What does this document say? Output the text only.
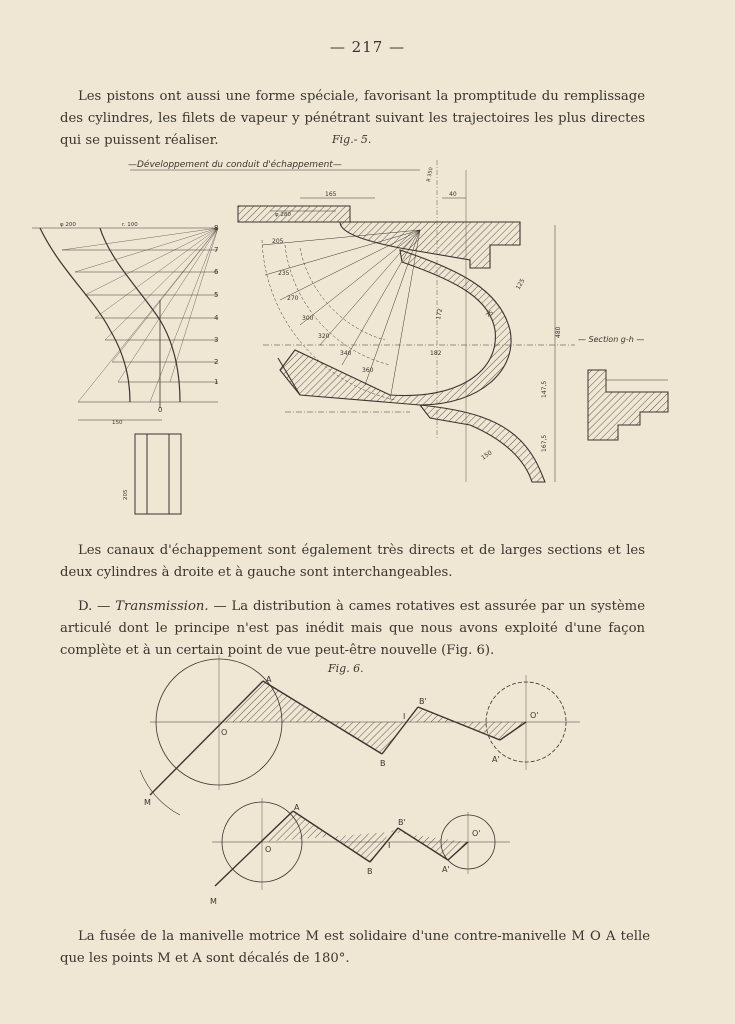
— 217 —

Les pistons ont aussi une forme spéciale, favorisant la promptitude du remplissage des cylindres, les filets de vapeur y pénétrant suivant les trajectoires les plus directes qui se puissent réaliser.	Fig.- 5.
—Développement du conduit d'échappement—
8
7
6
5
4
3
2
1
0
φ 200	r. 100
150
205
205
235
270
300
320
340
360
φ 280
165	40
R 350
172	75
182
125
480
147,5
167,5
150
— Section g-h —
A
O
M
B
B'
I
A'
O'
A
O
M
B
B'
I
A'
O'

Les canaux d'échappement sont également très directs et de larges sections et les deux cylindres à droite et à gauche sont interchangeables.

D. — Transmission. — La distribution à cames rotatives est assurée par un système articulé dont le principe n'est pas inédit mais que nous avons exploité d'une façon complète et à un certain point de vue peut-être nouvelle (Fig. 6).

Fig. 6.

La fusée de la manivelle motrice M est solidaire d'une contre-manivelle M O A telle que les points M et A sont décalés de 180°.
